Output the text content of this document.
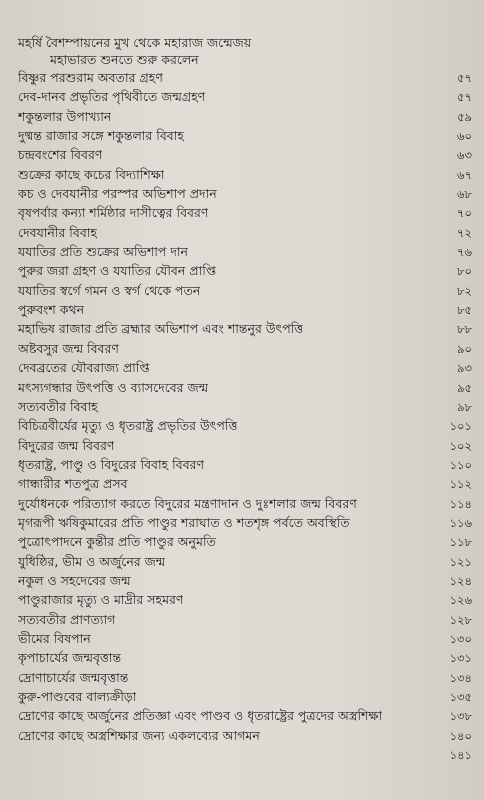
মহর্ষি বৈশম্পায়নের মুখ থেকে মহারাজ জন্মেজয়
মহাভারত শুনতে শুরু করলেন
বিষ্ণুর পরশুরাম অবতার গ্রহণ	৫৭
দেব-দানব প্রভৃতির পৃথিবীতে জন্মগ্রহণ	৫৭
শকুন্তলার উপাখ্যান	৫৯
দুষ্মন্ত রাজার সঙ্গে শকুন্তলার বিবাহ	৬০
চন্দ্রবংশের বিবরণ	৬৩
শুক্রের কাছে কচের বিদ্যাশিক্ষা	৬৭
কচ ও দেবযানীর পরস্পর অভিশাপ প্রদান	৬৮
বৃষপর্বার কন্যা শর্মিষ্ঠার দাসীত্বের বিবরণ	৭০
দেবযানীর বিবাহ	৭২
যযাতির প্রতি শুক্রের অভিশাপ দান	৭৬
পুরুর জরা গ্রহণ ও যযাতির যৌবন প্রাপ্তি	৮০
যযাতির স্বর্গে গমন ও স্বর্গ থেকে পতন	৮২
পুরুবংশ কথন	৮৫
মহাভিষ রাজার প্রতি ব্রহ্মার অভিশাপ এবং শান্তনুর উৎপত্তি	৮৮
অষ্টবসুর জন্ম বিবরণ	৯০
দেবব্রতের যৌবরাজ্য প্রাপ্তি	৯৩
মৎস্যগন্ধার উৎপত্তি ও ব্যাসদেবের জন্ম	৯৫
সত্যবতীর বিবাহ	৯৮
বিচিত্রবীর্যের মৃত্যু ও ধৃতরাষ্ট্র প্রভৃতির উৎপত্তি	১০১
বিদুরের জন্ম বিবরণ	১০২
ধৃতরাষ্ট্র, পাণ্ডু ও বিদুরের বিবাহ বিবরণ	১১০
গান্ধারীর শতপুত্র প্রসব	১১২
দুর্যোধনকে পরিত্যাগ করতে বিদুরের মন্ত্রণাদান ও দুঃশলার জন্ম বিবরণ	১১৪
মৃগরূপী ঋষিকুমারের প্রতি পাণ্ডুর শরাঘাত ও শতশৃঙ্গ পর্বতে অবস্থিতি	১১৬
পুত্রোৎপাদনে কুন্তীর প্রতি পাণ্ডুর অনুমতি	১১৮
যুধিষ্ঠির, ভীম ও অর্জুনের জন্ম	১২১
নকুল ও সহদেবের জন্ম	১২৪
পাণ্ডুরাজার মৃত্যু ও মাদ্রীর সহমরণ	১২৬
সত্যবতীর প্রাণত্যাগ	১২৮
ভীমের বিষপান	১৩০
কৃপাচার্যের জন্মবৃত্তান্ত	১৩১
দ্রোণাচার্যের জন্মবৃত্তান্ত	১৩৪
কুরু-পাণ্ডবের বাল্যক্রীড়া	১৩৫
দ্রোণের কাছে অর্জুনের প্রতিজ্ঞা এবং পাণ্ডব ও ধৃতরাষ্ট্রের পুত্রদের অস্ত্রশিক্ষা	১৩৮
দ্রোণের কাছে অস্ত্রশিক্ষার জন্য একলব্যের আগমন	১৪০
১৪১
